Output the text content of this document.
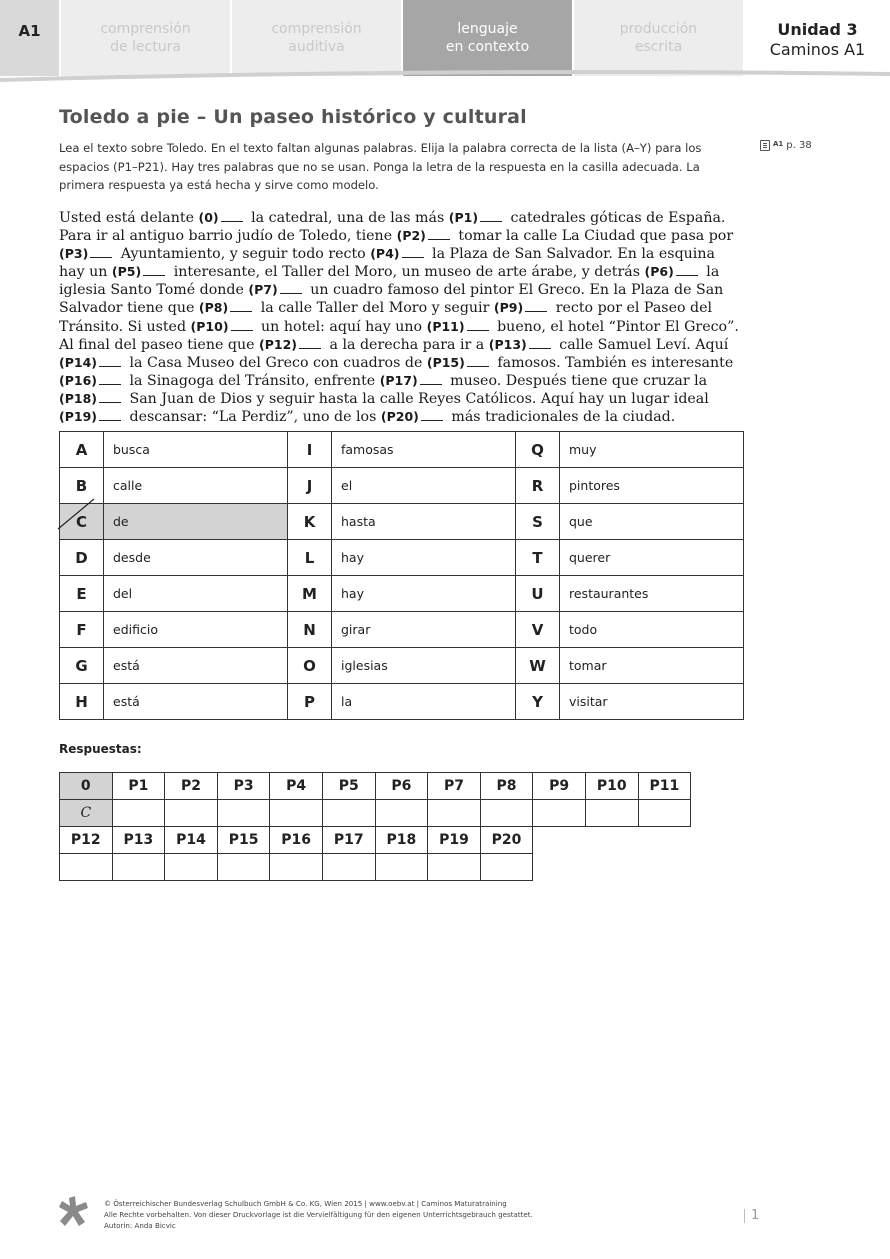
A1	comprensión
de lectura
comprensión
auditiva
lenguaje
en contexto
producción
escrita
Unidad 3
Caminos A1
Toledo a pie – Un paseo histórico y cultural
Lea el texto sobre Toledo. En el texto faltan algunas palabras. Elija la palabra correcta de la lista (A–Y) para los espacios (P1–P21). Hay tres palabras que no se usan. Ponga la letra de la respuesta en la casilla adecuada. La primera respuesta ya está hecha y sirve como modelo.
A1 p. 38
Usted está delante (0) la catedral, una de las más (P1) catedrales góticas de España. Para ir al antiguo barrio judío de Toledo, tiene (P2) tomar la calle La Ciudad que pasa por (P3) Ayuntamiento, y seguir todo recto (P4) la Plaza de San Salvador. En la esquina hay un (P5) interesante, el Taller del Moro, un museo de arte árabe, y detrás (P6) la iglesia Santo Tomé donde (P7) un cuadro famoso del pintor El Greco. En la Plaza de San Salvador tiene que (P8) la calle Taller del Moro y seguir (P9) recto por el Paseo del Tránsito. Si usted (P10) un hotel: aquí hay uno (P11) bueno, el hotel “Pintor El Greco”. Al final del paseo tiene que (P12) a la derecha para ir a (P13) calle Samuel Leví. Aquí (P14) la Casa Museo del Greco con cuadros de (P15) famosos. También es interesante (P16) la Sinagoga del Tránsito, enfrente (P17) museo. Después tiene que cruzar la (P18) San Juan de Dios y seguir hasta la calle Reyes Católicos. Aquí hay un lugar ideal (P19) descansar: “La Perdiz”, uno de los (P20) más tradicionales de la ciudad.
A	busca	I	famosas	Q	muy
B	calle	J	el	R	pintores
C	de	K	hasta	S	que
D	desde	L	hay	T	querer
E	del	M	hay	U	restaurantes
F	edificio	N	girar	V	todo
G	está	O	iglesias	W	tomar
H	está	P	la	Y	visitar
Respuestas:
0	P1	P2	P3	P4	P5	P6	P7	P8	P9	P10	P11
C											
P12	P13	P14	P15	P16	P17	P18	P19	P20			

© Österreichischer Bundesverlag Schulbuch GmbH & Co. KG, Wien 2015 | www.oebv.at | Caminos Maturatraining
Alle Rechte vorbehalten. Von dieser Druckvorlage ist die Vervielfältigung für den eigenen Unterrichtsgebrauch gestattet.
Autorin: Anda Bicvic
1
